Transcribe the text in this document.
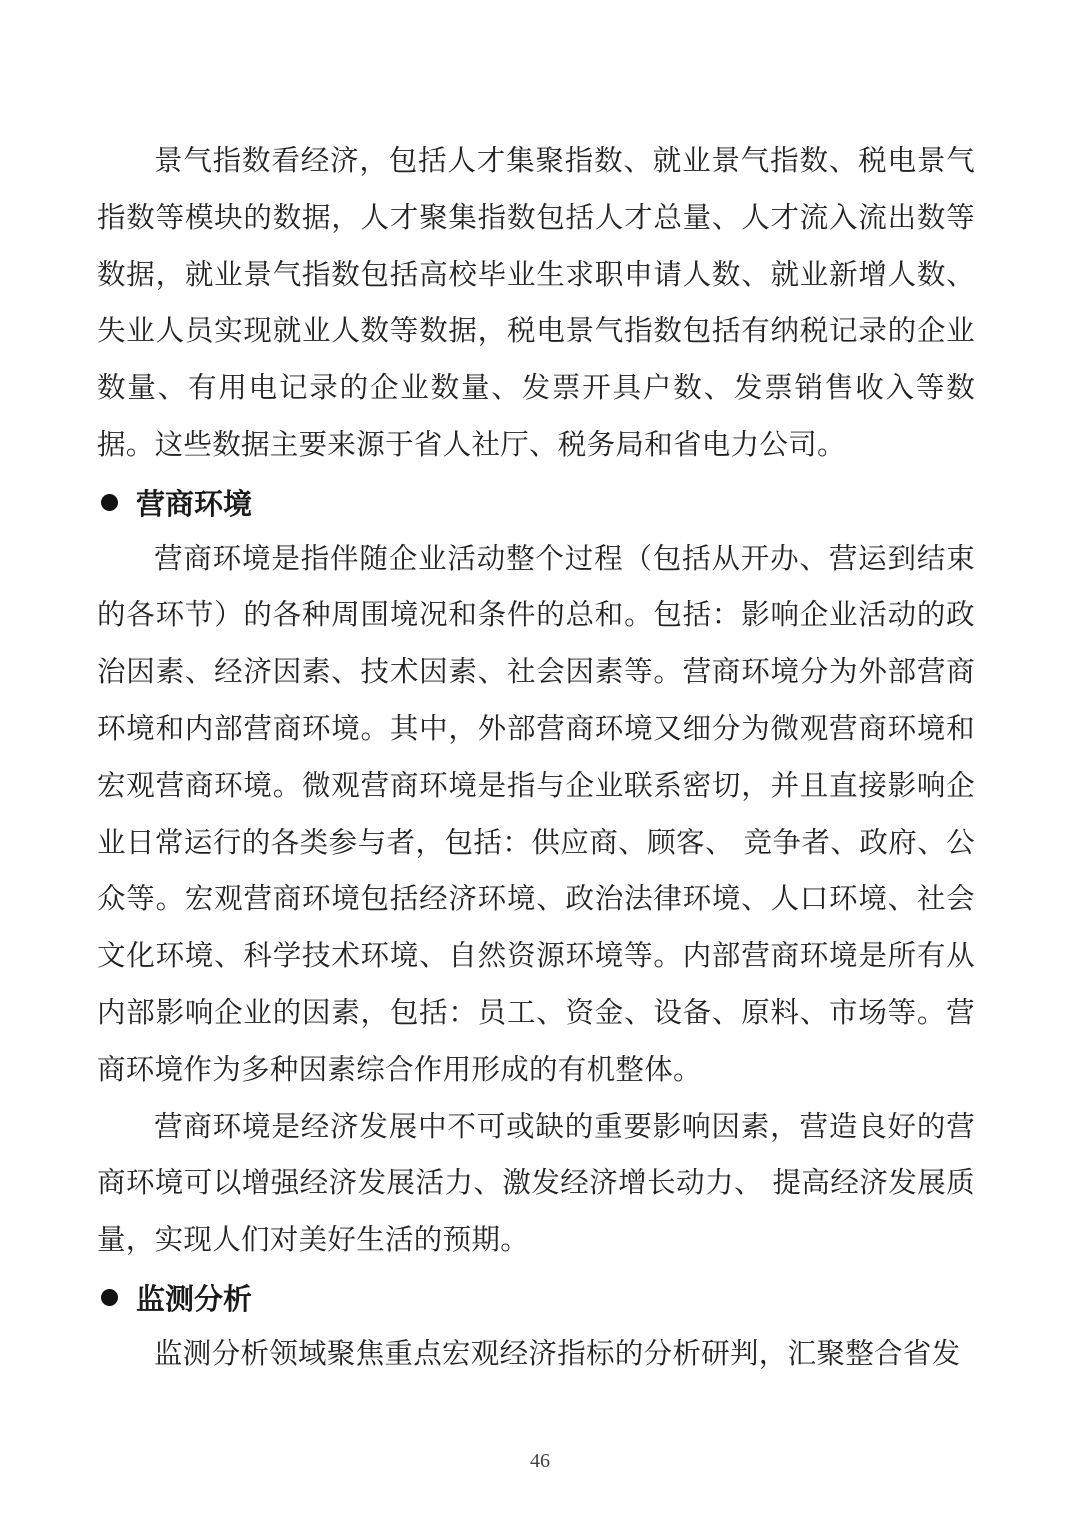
景气指数看经济，包括人才集聚指数、就业景气指数、税电景气指数等模块的数据，人才聚集指数包括人才总量、人才流入流出数等数据，就业景气指数包括高校毕业生求职申请人数、就业新增人数、失业人员实现就业人数等数据，税电景气指数包括有纳税记录的企业数量、有用电记录的企业数量、发票开具户数、发票销售收入等数据。这些数据主要来源于省人社厅、税务局和省电力公司。

营商环境

营商环境是指伴随企业活动整个过程（包括从开办、营运到结束的各环节）的各种周围境况和条件的总和。包括：影响企业活动的政治因素、经济因素、技术因素、社会因素等。营商环境分为外部营商环境和内部营商环境。其中，外部营商环境又细分为微观营商环境和宏观营商环境。微观营商环境是指与企业联系密切，并且直接影响企业日常运行的各类参与者，包括：供应商、顾客、 竞争者、政府、公众等。宏观营商环境包括经济环境、政治法律环境、人口环境、社会 文化环境、科学技术环境、自然资源环境等。内部营商环境是所有从内部影响企业的因素，包括：员工、资金、设备、原料、市场等。营商环境作为多种因素综合作用形成的有机整体。

营商环境是经济发展中不可或缺的重要影响因素，营造良好的营商环境可以增强经济发展活力、激发经济增长动力、 提高经济发展质量，实现人们对美好生活的预期。

监测分析

监测分析领域聚焦重点宏观经济指标的分析研判，汇聚整合省发

46
